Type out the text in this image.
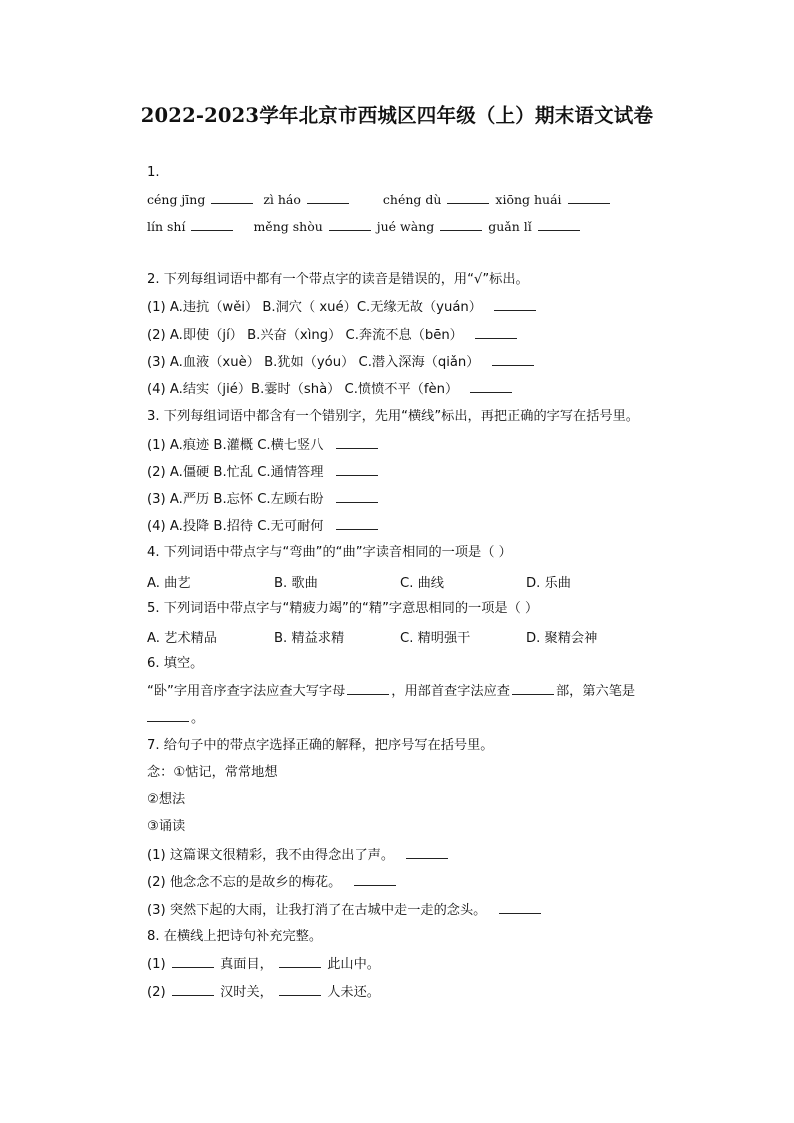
2022-2023学年北京市西城区四年级（上）期末语文试卷
1.
céng jīng	zì háo	chéng dù	xiōng huái
lín shí	měng shòu	jué wàng	guǎn lǐ
2. 下列每组词语中都有一个带点字的读音是错误的，用“√”标出。
(1) A.违抗（wěi） B.洞穴（ xué）C.无缘无故（yuán）
(2) A.即使（jí） B.兴奋（xìng） C.奔流不息（bēn）
(3) A.血液（xuè） B.犹如（yóu） C.潜入深海（qiǎn）
(4) A.结实（jié）B.霎时（shà） C.愤愤不平（fèn）
3. 下列每组词语中都含有一个错别字，先用“横线”标出，再把正确的字写在括号里。
(1) A.痕迹 B.灌概 C.横七竖八
(2) A.僵硬 B.忙乱 C.通情答理
(3) A.严历 B.忘怀 C.左顾右盼
(4) A.投降 B.招待 C.无可耐何
4. 下列词语中带点字与“弯曲”的“曲”字读音相同的一项是（ ）
A. 曲艺	B. 歌曲	C. 曲线	D. 乐曲
5. 下列词语中带点字与“精疲力竭”的“精”字意思相同的一项是（ ）
A. 艺术精品	B. 精益求精	C. 精明强干	D. 聚精会神
6. 填空。
“卧”字用音序查字法应查大写字母	，用部首查字法应查	部，第六笔是
。
7. 给句子中的带点字选择正确的解释，把序号写在括号里。
念：①惦记，常常地想
②想法
③诵读
(1) 这篇课文很精彩，我不由得念出了声。
(2) 他念念不忘的是故乡的梅花。
(3) 突然下起的大雨，让我打消了在古城中走一走的念头。
8. 在横线上把诗句补充完整。
(1)	真面目，	此山中。
(2)	汉时关，	人未还。
